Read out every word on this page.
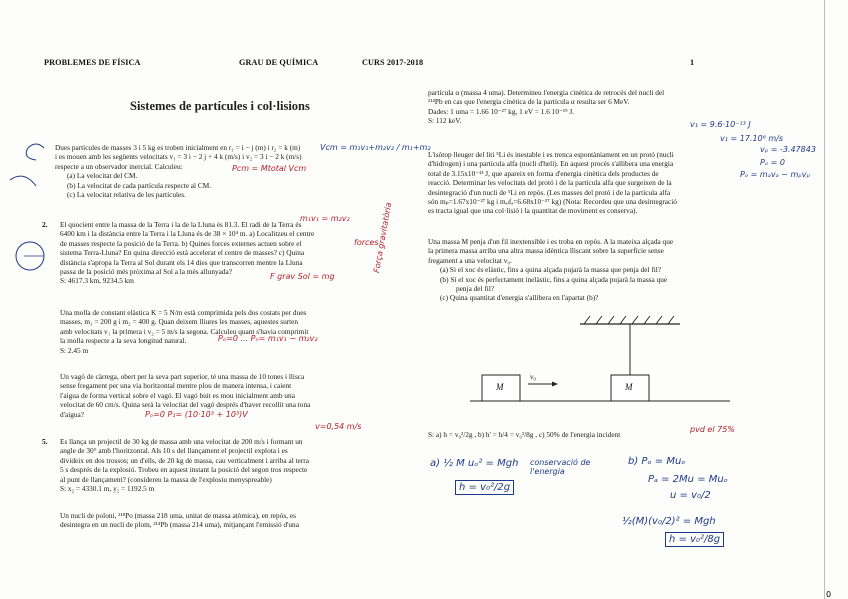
PROBLEMES DE FÍSICA	GRAU DE QUÍMICA	CURS 2017-2018	1
Sistemes de partícules i col·lisions

Dues partícules de masses 3 i 5 kg es troben inicialment en r₁ = i − j (m) i r₂ = k (m)

i es mouen amb les següents velocitats v₁ = 3 i − 2 j + 4 k (m/s) i v₂ = 3 i − 2 k (m/s)

respecte a un observador inercial. Calculeu:

(a) La velocitat del CM.

(b) La velocitat de cada partícula respecte al CM.

(c) La velocitat relativa de les partícules.

2. El quocient entre la massa de la Terra i la de la Lluna és 81.3. El radi de la Terra és

6400 km i la distància entre la Terra i la Lluna és de 38 × 10⁴ m. a) Localitzeu el centre

de masses respecte la posició de la Terra. b) Quines forces externes actuen sobre el

sistema Terra-Lluna? En quina direcció està accelerat el centre de masses? c) Quina

distància s'apropa la Terra al Sol durant els 14 dies que transcorren mentre la Lluna

passa de la posició més pròxima al Sol a la més allunyada?

S: 4617.3 km, 9234.5 km

Una molla de constant elàstica K = 5 N/m està comprimida pels dos costats per dues

masses, m₁ = 200 g i m₂ = 400 g. Quan deixem lliures les masses, aquestes surten

amb velocitats v₁ la primera i v₂ = 5 m/s la segona. Calculeu quant s'havia comprimit

la molla respecte a la seva longitud natural.

S: 2.45 m

Un vagó de càrrega, obert per la seva part superior, té una massa de 10 tones i llisca

sense fregament per una via horitzontal mentre plou de manera intensa, i caient

l'aigua de forma vertical sobre el vagó. El vagó buit es mou inicialment amb una

velocitat de 60 cm/s. Quina serà la velocitat del vagó després d'haver recollit una tona

d'aigua?

5. Es llança un projectil de 30 kg de massa amb una velocitat de 200 m/s i formant un

angle de 30° amb l'horitzontal. Als 10 s del llançament el projectil explota i es

divideix en dos trossos; un d'ells, de 20 kg de massa, cau verticalment i arriba al terra

5 s després de la explosió. Trobeu en aquest instant la posició del segon tros respecte

al punt de llançament? (considereu la massa de l'explosiu menyspreable)

S: x₂ = 4330.1 m, y₂ = 1192.5 m

Un nucli de poloni, ²¹⁸Po (massa 218 uma, unitat de massa atòmica), en repòs, es

desintegra en un nucli de plom, ²¹⁴Pb (massa 214 uma), mitjançant l'emissió d'una

partícula α (massa 4 uma). Determineu l'energia cinètica de retrocés del nucli del

²¹⁴Pb en cas que l'energia cinètica de la partícula α resulta ser 6 MeV.

Dades: 1 uma = 1.66 10⁻²⁷ kg, 1 eV = 1.6 10⁻¹⁹ J.

S: 112 keV.

L'isòtop lleuger del liti ⁵Li és inestable i es trenca espontàniament en un protó (nucli

d'hidrogen) i una partícula alfa (nucli d'heli). En aquest procés s'allibera una energia

total de 3.15x10⁻¹³ J, que apareix en forma d'energia cinètica dels productes de

reacció. Determinar les velocitats del protó i de la partícula alfa que surgeixen de la

desintegració d'un nucli de ⁵Li en repòs. (Les masses del protó i de la partícula alfa

són mₚ=1.67x10⁻²⁷ kg i mₐₗfₐ=6.68x10⁻²⁷ kg) (Nota: Recordeu que una desintegració

es tracta igual que una col·lisió i la quantitat de moviment es conserva).

Una massa M penja d'un fil inextensible i es troba en repòs. A la mateixa alçada que

la primera massa arriba una altra massa idèntica lliscant sobre la superfície sense

fregament a una velocitat v₀.

(a) Si el xoc és elàstic, fins a quina alçada pujarà la massa que penja del fil?

(b) Si el xoc és perfectament inelàstic, fins a quina alçada pujarà la massa que

penja del fil?

(c) Quina quantitat d'energia s'allibera en l'apartat (b)?

M	M
v₀
S: a) h = v₀²/2g , b) h' = h/4 = v₀²/8g , c) 50% de l'energia incident
Vcm = m₁v₁+m₂v₂ / m₁+m₂
v₁ = 9.6·10⁻¹³ J
v₁ = 17.10⁶ m/s
vₚ = -3.47843
Pₒ = 0
Pₒ = mₐvₐ − mₚvₚ
a) ½ M uₒ² = Mgh conservació de l'energia
h = v₀²/2g
b) Pₒ = Muₒ
Pₐ = 2Mu = Muₒ
u = v₀/2
½(M)(v₀/2)² = Mgh
h = v₀²/8g
Pcm = Mtotal Vcm
m₁v₁ = m₂v₂
Pₒ=0 ... Pₙ= m₁v₁ − m₂v₂
Pₒ=0 P₁= (10·10³ + 10³)V
v=0,54 m/s	pvd el 75%
F grav Sol = mg
forces
Força gravitatòria
0
